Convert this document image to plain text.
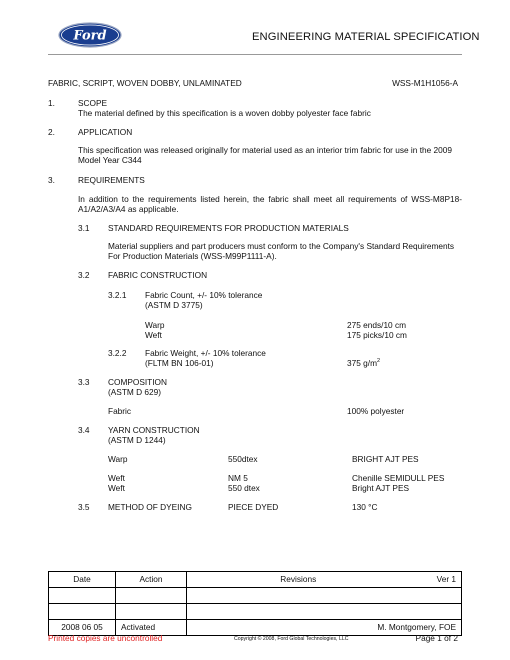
Ford	ENGINEERING MATERIAL SPECIFICATION
FABRIC, SCRIPT, WOVEN DOBBY, UNLAMINATED	WSS-M1H1056-A
1.	SCOPE
The material defined by this specification is a woven dobby polyester face fabric
2.	APPLICATION
This specification was released originally for material used as an interior trim fabric for use in the 2009 Model Year C344
3.	REQUIREMENTS
In addition to the requirements listed herein, the fabric shall meet all requirements of WSS-M8P18-A1/A2/A3/A4 as applicable.
3.1 STANDARD REQUIREMENTS FOR PRODUCTION MATERIALS
Material suppliers and part producers must conform to the Company's Standard Requirements For Production Materials (WSS-M99P1111-A).
3.2 FABRIC CONSTRUCTION
3.2.1 Fabric Count, +/- 10% tolerance
(ASTM D 3775)
Warp	275 ends/10 cm
Weft	175 picks/10 cm
3.2.2 Fabric Weight, +/- 10% tolerance
(FLTM BN 106-01)	375 $g/m^2$
3.3 COMPOSITION
(ASTM D 629)
Fabric	100% polyester
3.4 YARN CONSTRUCTION
(ASTM D 1244)
Warp	550dtex	BRIGHT AJT PES
Weft	NM 5	Chenille SEMIDULL PES
Weft	550 dtex	Bright AJT PES
3.5 METHOD OF DYEING	PIECE DYED	130 °C
Date	Action	Revisions	Ver 1

2008 06 05	Activated	M. Montgomery, FOE	
Printed copies are uncontrolled	Copyright © 2008, Ford Global Technologies, LLC	Page 1 of 2
